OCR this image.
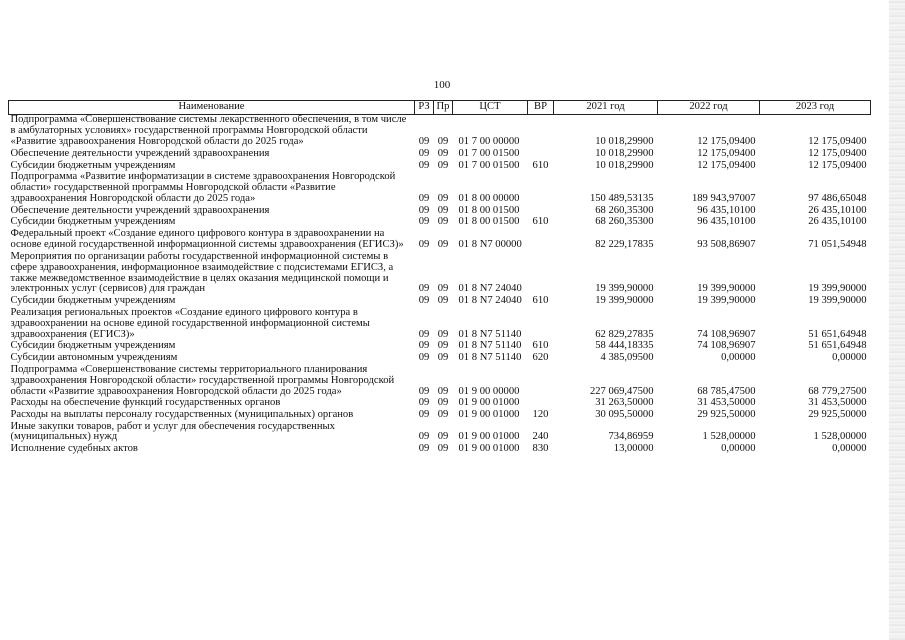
100
Наименование	РЗ	Пр	ЦСТ	ВР	2021 год	2022 год	2023 год
Подпрограмма «Совершенствование системы лекарственного обеспечения, в том числе в амбулаторных условиях» государственной программы Новгородской области «Развитие здравоохранения Новгородской области до 2025 года»	09	09	01 7 00 00000		10 018,29900	12 175,09400	12 175,09400
Обеспечение деятельности учреждений здравоохранения	09	09	01 7 00 01500		10 018,29900	12 175,09400	12 175,09400
Субсидии бюджетным учреждениям	09	09	01 7 00 01500	610	10 018,29900	12 175,09400	12 175,09400
Подпрограмма «Развитие информатизации в системе здравоохранения Новгородской области» государственной программы Новгородской области «Развитие здравоохранения Новгородской области до 2025 года»	09	09	01 8 00 00000		150 489,53135	189 943,97007	97 486,65048
Обеспечение деятельности учреждений здравоохранения	09	09	01 8 00 01500		68 260,35300	96 435,10100	26 435,10100
Субсидии бюджетным учреждениям	09	09	01 8 00 01500	610	68 260,35300	96 435,10100	26 435,10100
Федеральный проект «Создание единого цифрового контура в здравоохранении на основе единой государственной информационной системы здравоохранения (ЕГИСЗ)»	09	09	01 8 N7 00000		82 229,17835	93 508,86907	71 051,54948
Мероприятия по организации работы государственной информационной системы в сфере здравоохранения, информационное взаимодействие с подсистемами ЕГИСЗ, а также межведомственное взаимодействие в целях оказания медицинской помощи и электронных услуг (сервисов) для граждан	09	09	01 8 N7 24040		19 399,90000	19 399,90000	19 399,90000
Субсидии бюджетным учреждениям	09	09	01 8 N7 24040	610	19 399,90000	19 399,90000	19 399,90000
Реализация региональных проектов «Создание единого цифрового контура в здравоохранении на основе единой государственной информационной системы здравоохранения (ЕГИСЗ)»	09	09	01 8 N7 51140		62 829,27835	74 108,96907	51 651,64948
Субсидии бюджетным учреждениям	09	09	01 8 N7 51140	610	58 444,18335	74 108,96907	51 651,64948
Субсидии автономным учреждениям	09	09	01 8 N7 51140	620	4 385,09500	0,00000	0,00000
Подпрограмма «Совершенствование системы территориального планирования здравоохранения Новгородской области» государственной программы Новгородской области «Развитие здравоохранения Новгородской области до 2025 года»	09	09	01 9 00 00000		227 069,47500	68 785,47500	68 779,27500
Расходы на обеспечение функций государственных органов	09	09	01 9 00 01000		31 263,50000	31 453,50000	31 453,50000
Расходы на выплаты персоналу государственных (муниципальных) органов	09	09	01 9 00 01000	120	30 095,50000	29 925,50000	29 925,50000
Иные закупки товаров, работ и услуг для обеспечения государственных (муниципальных) нужд	09	09	01 9 00 01000	240	734,86959	1 528,00000	1 528,00000
Исполнение судебных актов	09	09	01 9 00 01000	830	13,00000	0,00000	0,00000
